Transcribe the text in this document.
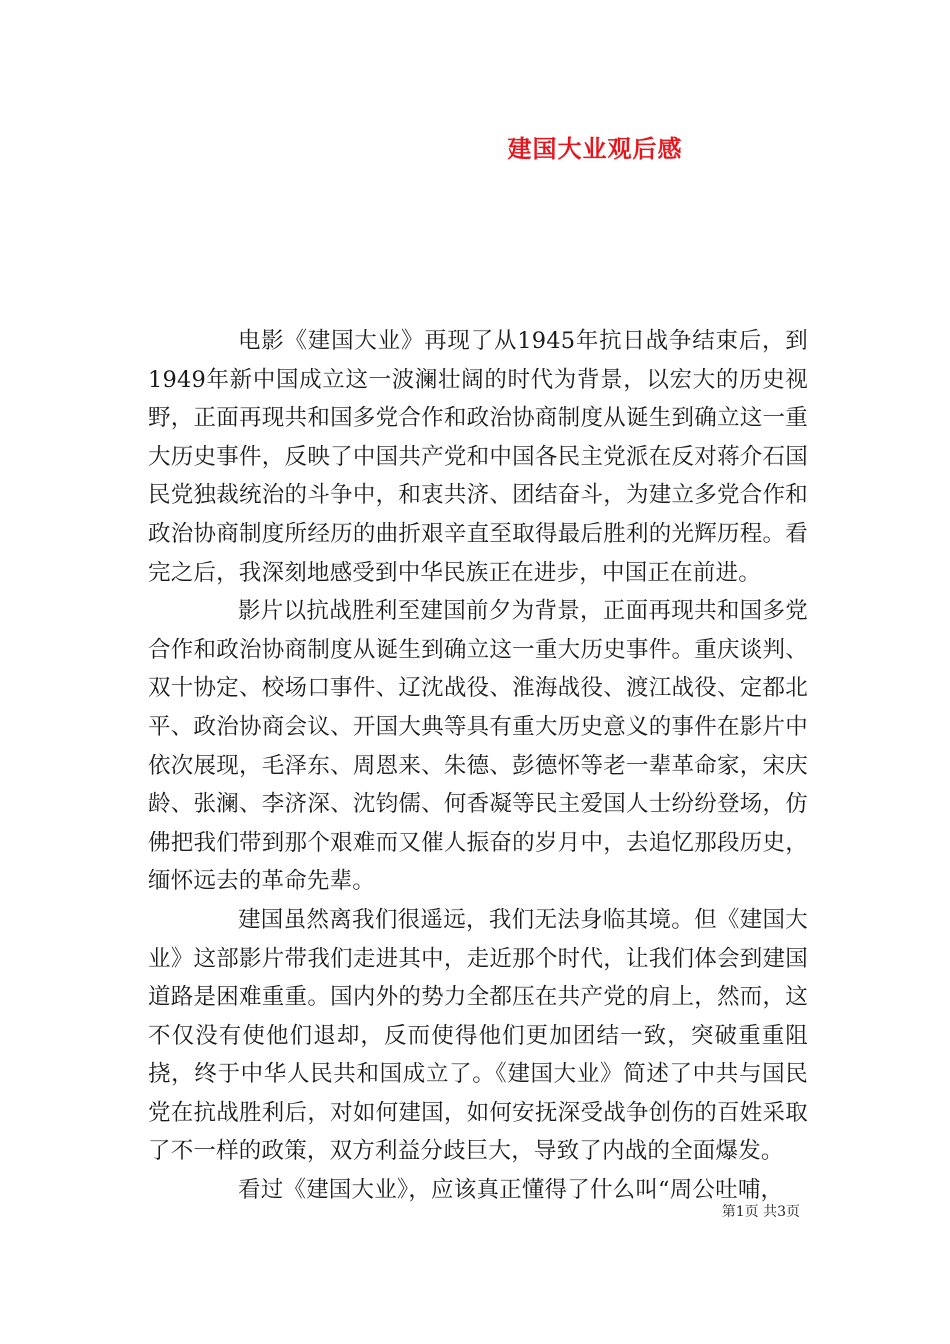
建国大业观后感

电影《建国大业》再现了从1945年抗日战争结束后，到1949年新中国成立这一波澜壮阔的时代为背景，以宏大的历史视野，正面再现共和国多党合作和政治协商制度从诞生到确立这一重大历史事件，反映了中国共产党和中国各民主党派在反对蒋介石国民党独裁统治的斗争中，和衷共济、团结奋斗，为建立多党合作和政治协商制度所经历的曲折艰辛直至取得最后胜利的光辉历程。看完之后，我深刻地感受到中华民族正在进步，中国正在前进。

影片以抗战胜利至建国前夕为背景，正面再现共和国多党合作和政治协商制度从诞生到确立这一重大历史事件。重庆谈判、双十协定、校场口事件、辽沈战役、淮海战役、渡江战役、定都北平、政治协商会议、开国大典等具有重大历史意义的事件在影片中依次展现，毛泽东、周恩来、朱德、彭德怀等老一辈革命家，宋庆龄、张澜、李济深、沈钧儒、何香凝等民主爱国人士纷纷登场，仿佛把我们带到那个艰难而又催人振奋的岁月中，去追忆那段历史，缅怀远去的革命先辈。

建国虽然离我们很遥远，我们无法身临其境。但《建国大业》这部影片带我们走进其中，走近那个时代，让我们体会到建国道路是困难重重。国内外的势力全都压在共产党的肩上，然而，这不仅没有使他们退却，反而使得他们更加团结一致，突破重重阻挠，终于中华人民共和国成立了。《建国大业》简述了中共与国民党在抗战胜利后，对如何建国，如何安抚深受战争创伤的百姓采取了不一样的政策，双方利益分歧巨大，导致了内战的全面爆发。

看过《建国大业》，应该真正懂得了什么叫“周公吐哺，

第1页 共3页
